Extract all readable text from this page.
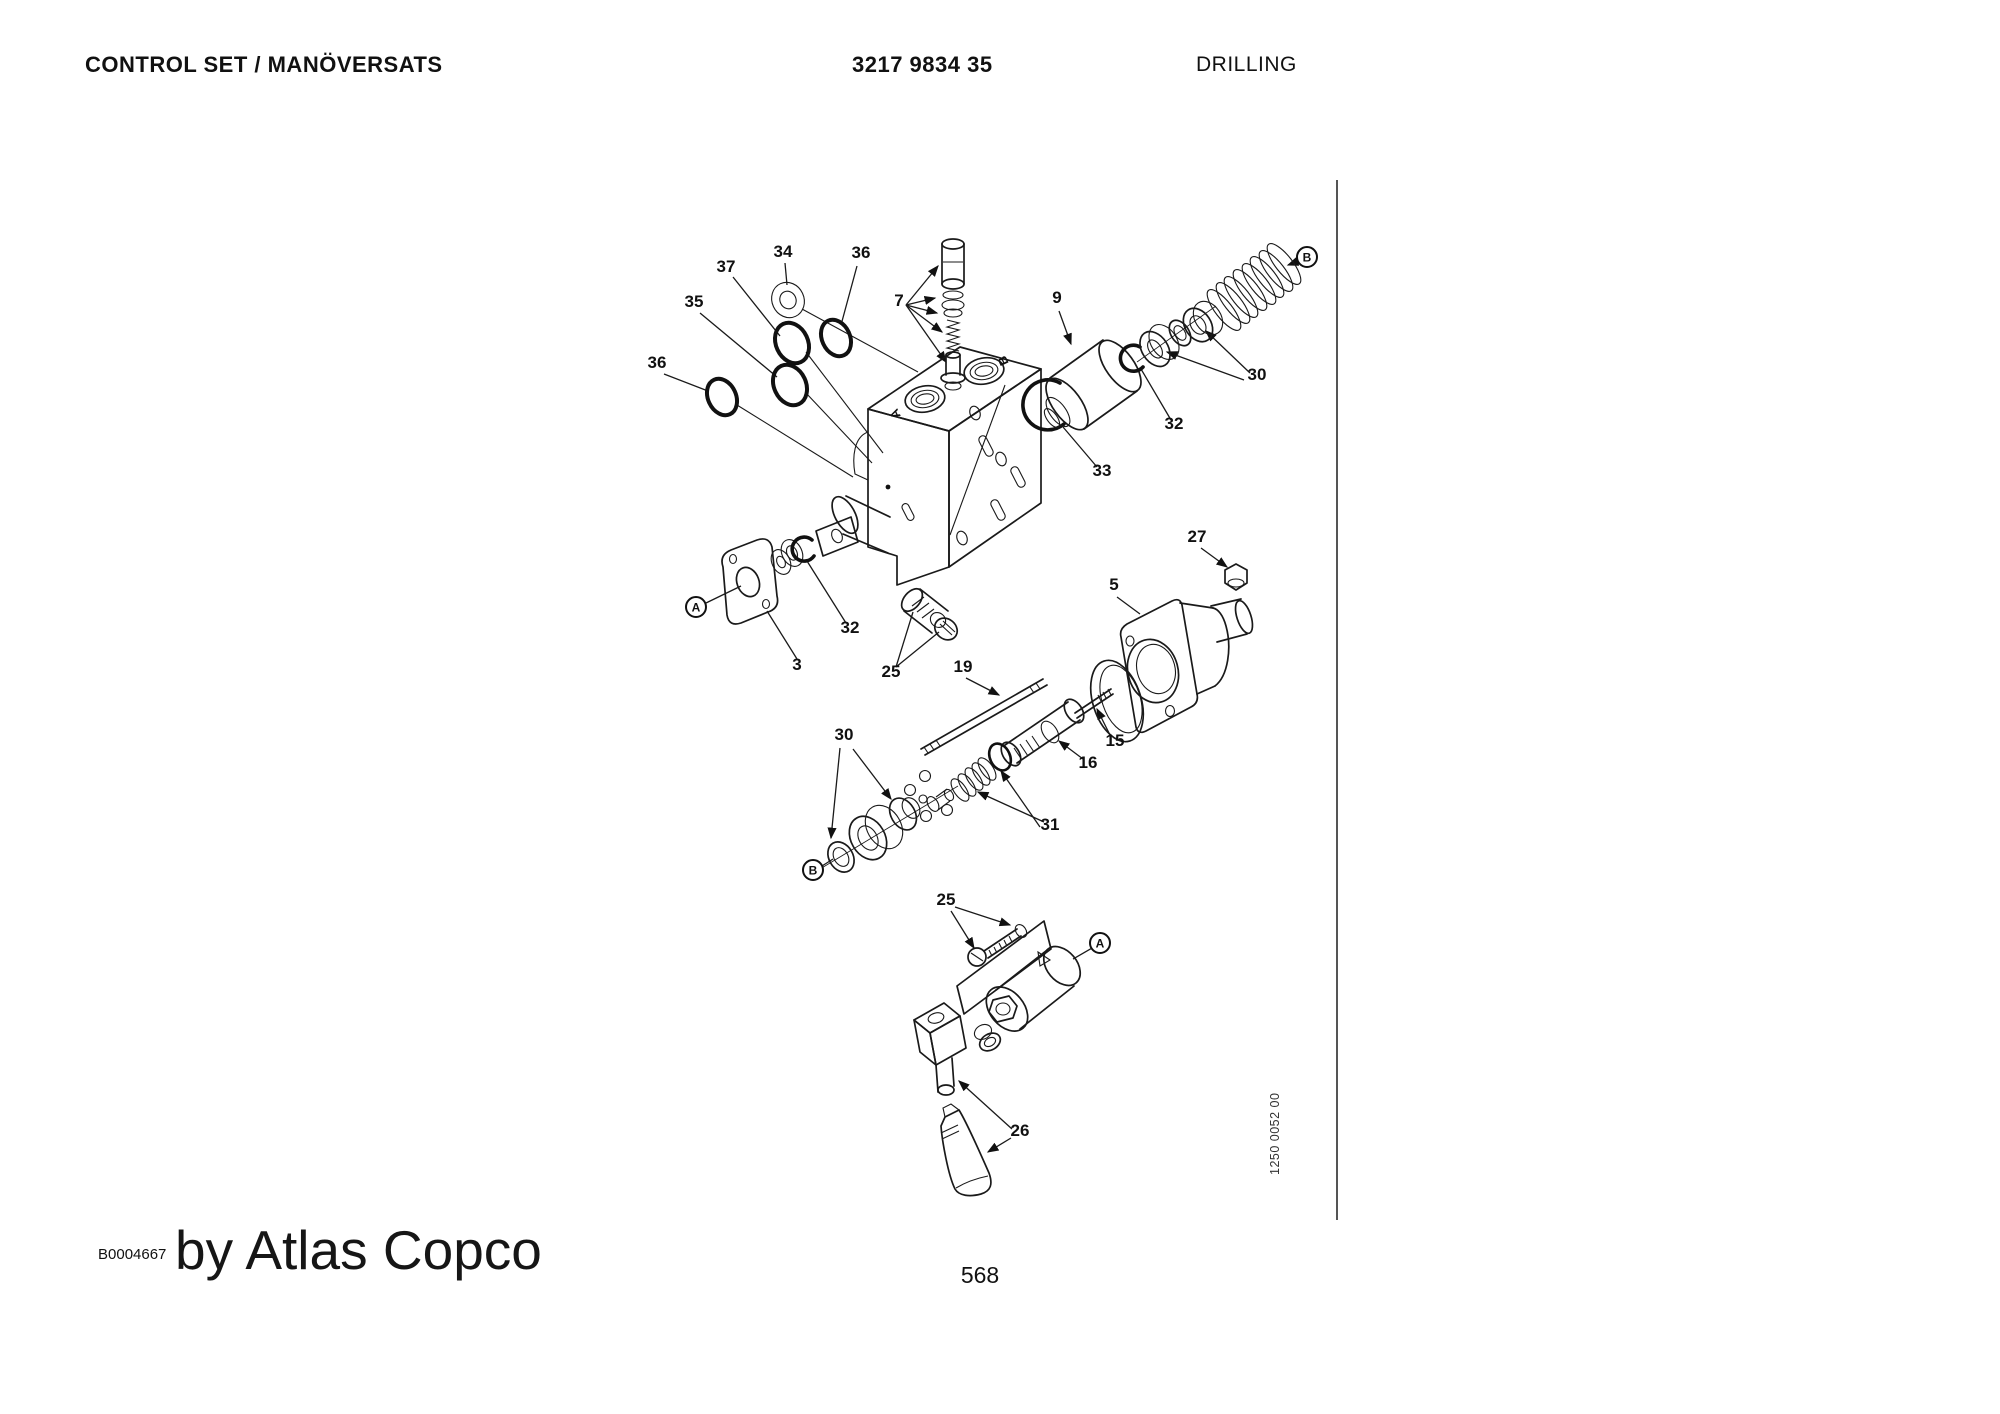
CONTROL SET / MANÖVERSATS	3217 9834 35	DRILLING
1250 0052 00
37
34	36
35
36
7	9
30
32
33
27
5
3
32
25	19
15
16
30
31
25
26
B
A
B
A
A
B
B0004667 by Atlas Copco	568
